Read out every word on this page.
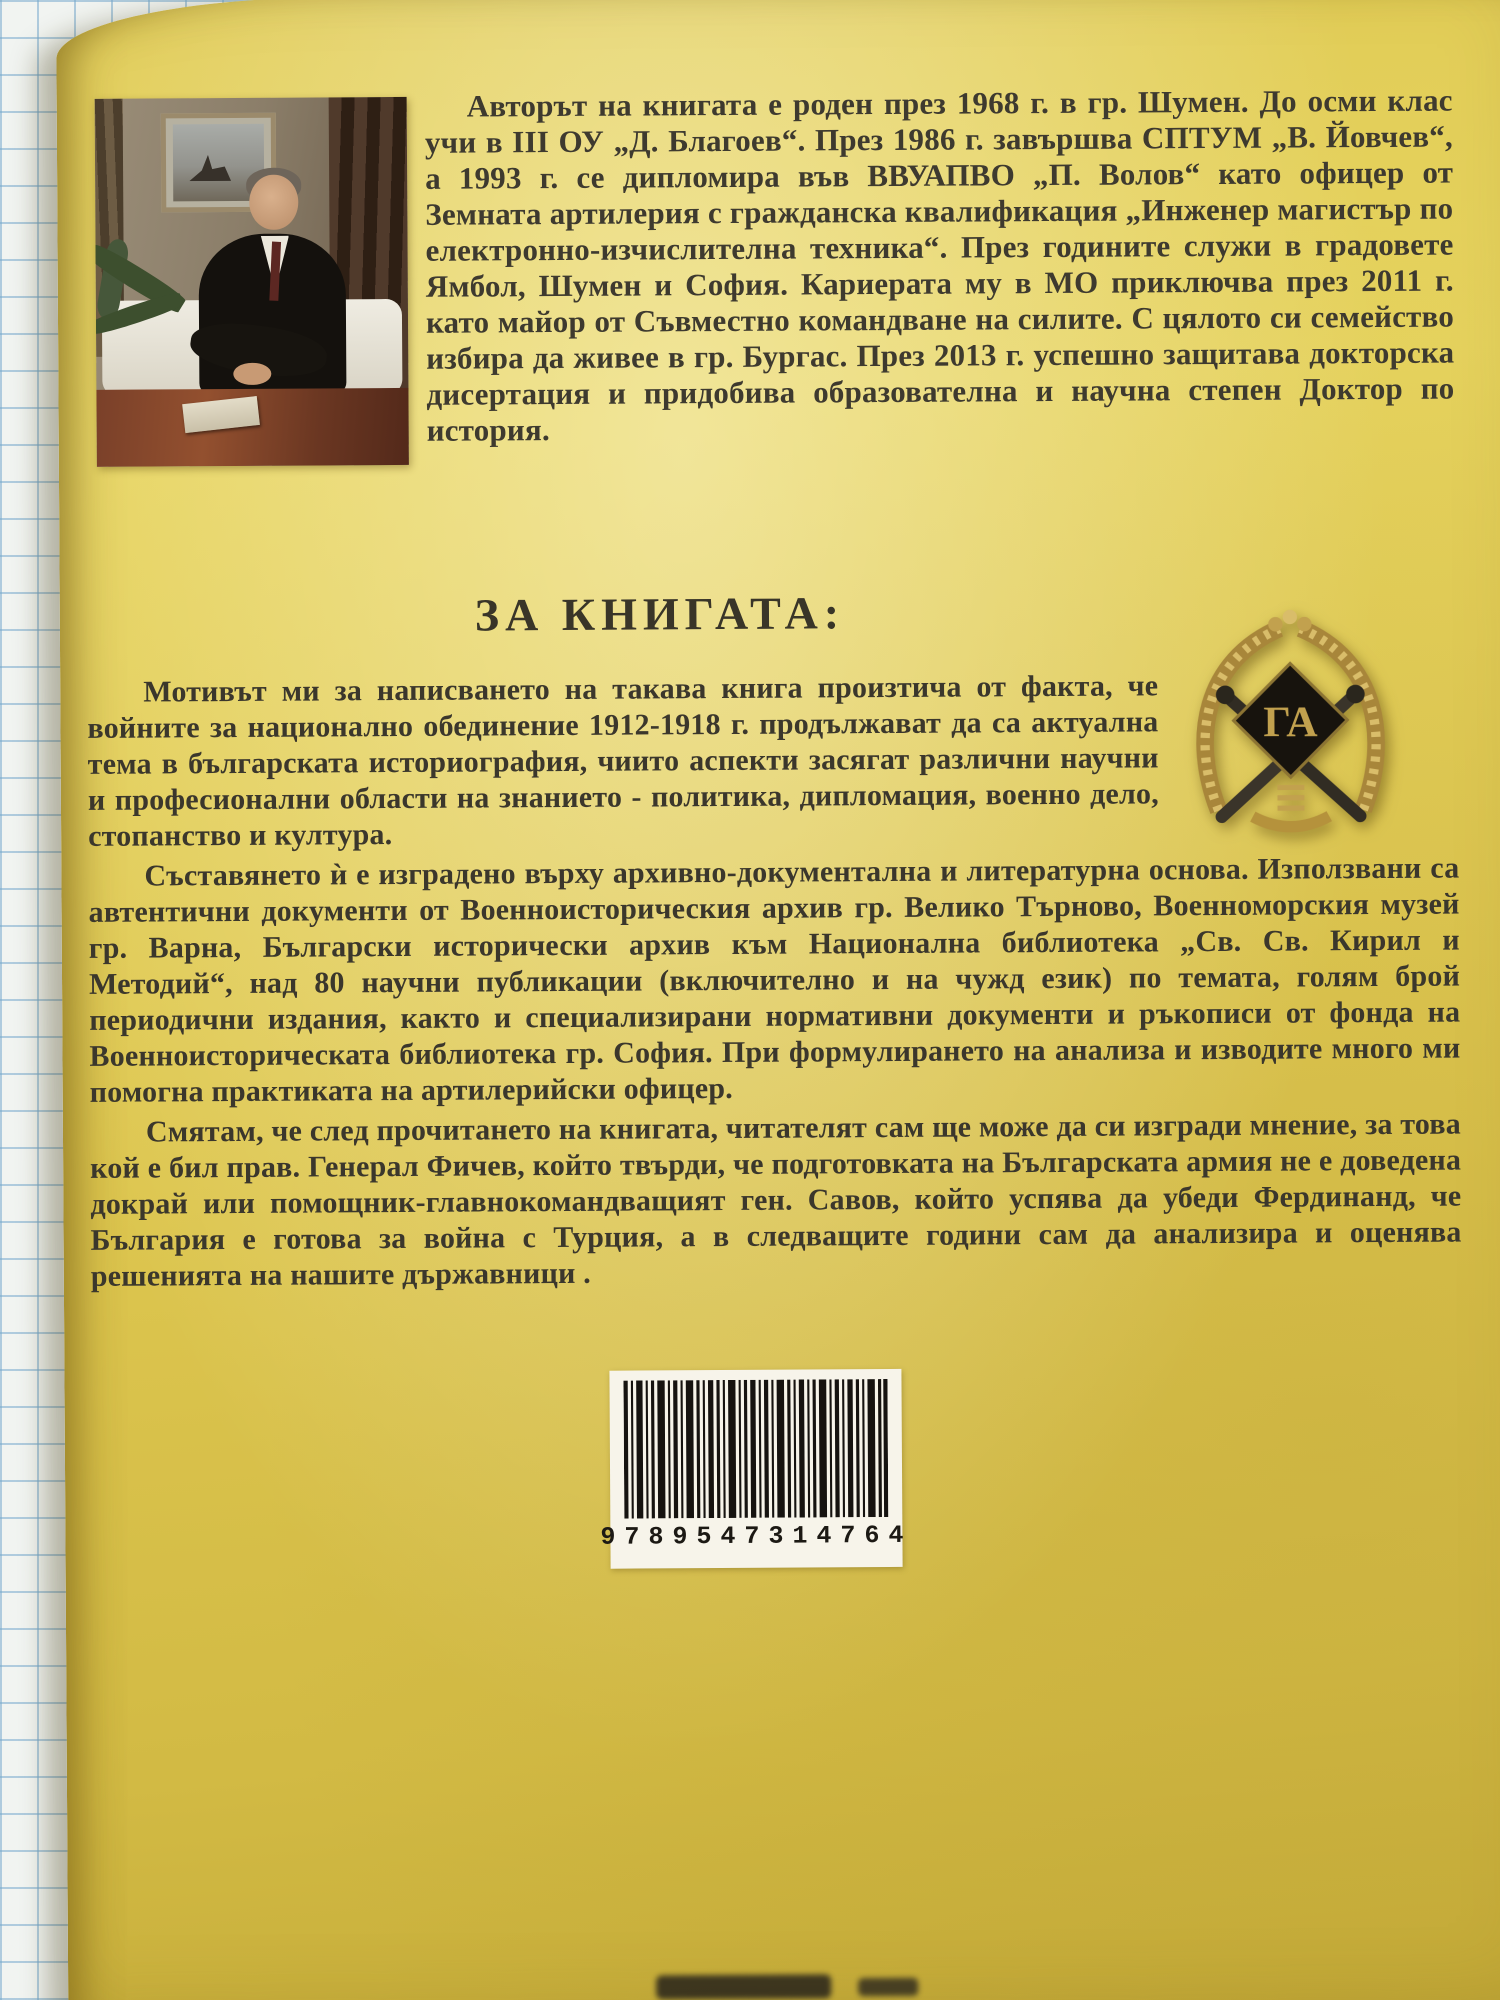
Авторът на книгата е роден през 1968 г. в гр. Шумен. До осми клас учи в III ОУ „Д. Благоев“. През 1986 г. завършва СПТУМ „В. Йовчев“, а 1993 г. се дипломира във ВВУАПВО „П. Волов“ като офицер от Земната артилерия с гражданска квалификация „Инженер магистър по електронно-изчислителна техника“. През годините служи в градовете Ямбол, Шумен и София. Кариерата му в МО приключва през 2011 г. като майор от Съвместно командване на силите. С цялото си семейство избира да живее в гр. Бургас. През 2013 г. успешно защитава докторска дисертация и придобива образователна и научна степен Доктор по история.
ЗА КНИГАТА:
ГА

Мотивът ми за написването на такава книга произтича от факта, че войните за национално обединение 1912-1918 г. продължават да са актуална тема в българската историография, чиито аспекти засягат различни научни и професионални области на знанието - политика, дипломация, военно дело, стопанство и култура.

Съставянето ѝ е изградено върху архивно-документална и литературна основа. Използвани са автентични документи от Военноисторическия архив гр. Велико Търново, Военноморския музей гр. Варна, Български исторически архив към Национална библиотека „Св. Св. Кирил и Методий“, над 80 научни публикации (включително и на чужд език) по темата, голям брой периодични издания, както и специализирани нормативни документи и ръкописи от фонда на Военноисторическата библиотека гр. София. При формулирането на анализа и изводите много ми помогна практиката на артилерийски офицер.

Смятам, че след прочитането на книгата, читателят сам ще може да си изгради мнение, за това кой е бил прав. Генерал Фичев, който твърди, че подготовката на Българската армия не е доведена докрай или помощник-главнокомандващият ген. Савов, който успява да убеди Фердинанд, че България е готова за война с Турция, а в следващите години сам да анализира и оценява решенията на нашите държавници .

9789547314764
